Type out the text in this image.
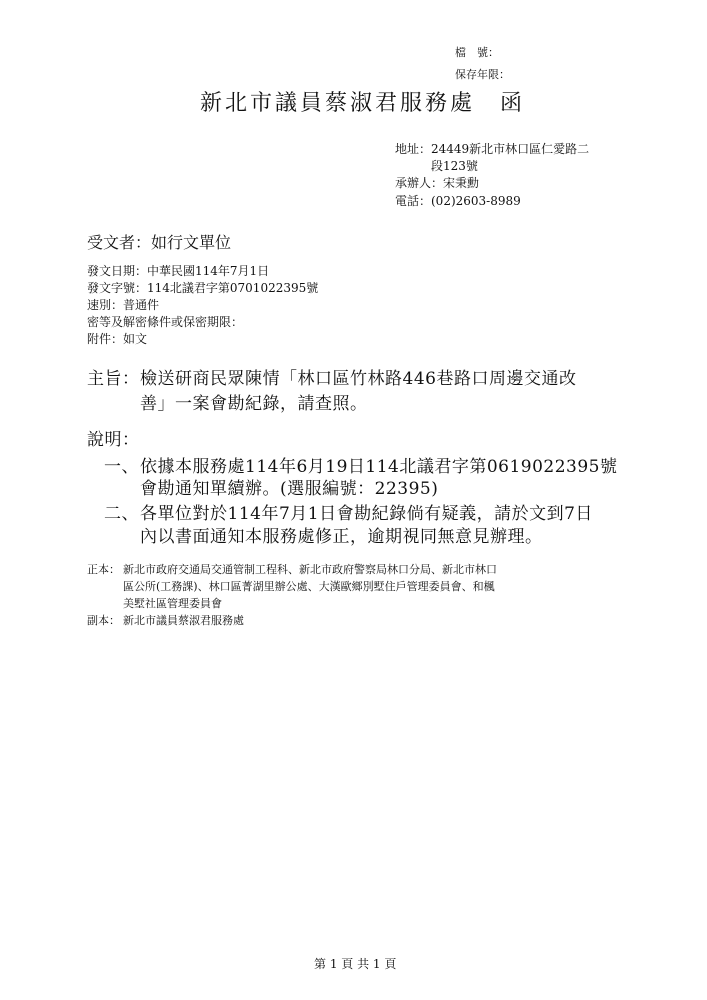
檔　號：
保存年限：
新北市議員蔡淑君服務處　函
地址：24449新北市林口區仁愛路二
段123號
承辦人：宋秉勳
電話：(02)2603-8989
受文者：如行文單位
發文日期：中華民國114年7月1日
發文字號：114北議君字第0701022395號
速別：普通件
密等及解密條件或保密期限：
附件：如文
主旨： 檢送研商民眾陳情「林口區竹林路446巷路口周邊交通改
善」一案會勘紀錄，請查照。
說明：
一、 依據本服務處114年6月19日114北議君字第0619022395號
會勘通知單續辦。(選服編號：22395)
二、 各單位對於114年7月1日會勘紀錄倘有疑義，請於文到7日
內以書面通知本服務處修正，逾期視同無意見辦理。
正本： 新北市政府交通局交通管制工程科、新北市政府警察局林口分局、新北市林口
區公所(工務課)、林口區菁湖里辦公處、大漢歐鄉別墅住戶管理委員會、和楓
美墅社區管理委員會
副本： 新北市議員蔡淑君服務處
第 1 頁 共 1 頁
